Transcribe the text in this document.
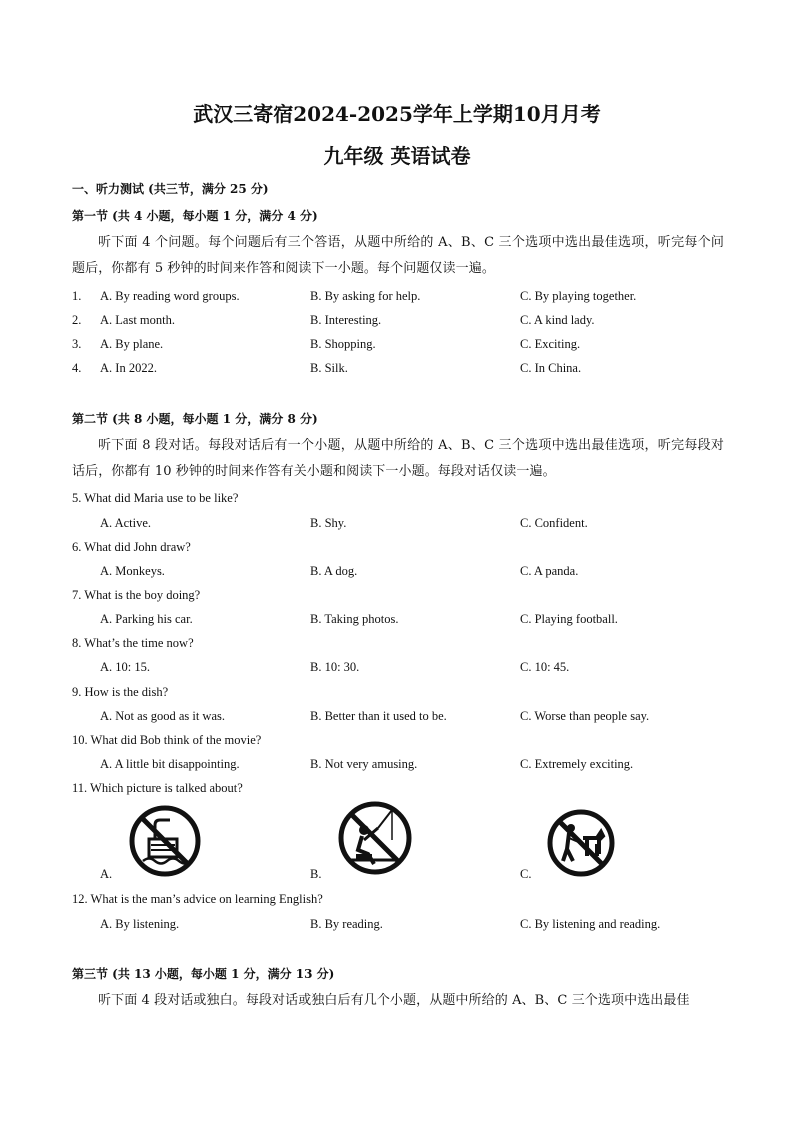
武汉三寄宿2024-2025学年上学期10月月考
九年级 英语试卷
一、听力测试 (共三节，满分 25 分)
第一节 (共 4 小题，每小题 1 分，满分 4 分)
听下面 4 个问题。每个问题后有三个答语，从题中所给的 A、B、C 三个选项中选出最佳选项，听完每个问题后，你都有 5 秒钟的时间来作答和阅读下一小题。每个问题仅读一遍。
1. A. By reading word groups.	B. By asking for help.	C. By playing together.
2. A. Last month.	B. Interesting.	C. A kind lady.
3. A. By plane.	B. Shopping.	C. Exciting.
4. A. In 2022.	B. Silk.	C. In China.
第二节 (共 8 小题，每小题 1 分，满分 8 分)
听下面 8 段对话。每段对话后有一个小题，从题中所给的 A、B、C 三个选项中选出最佳选项，听完每段对话后，你都有 10 秒钟的时间来作答有关小题和阅读下一小题。每段对话仅读一遍。
5. What did Maria use to be like?
A. Active.	B. Shy.	C. Confident.
6. What did John draw?
A. Monkeys.	B. A dog.	C. A panda.
7. What is the boy doing?
A. Parking his car.	B. Taking photos.	C. Playing football.
8. What’s the time now?
A. 10: 15.	B. 10: 30.	C. 10: 45.
9. How is the dish?
A. Not as good as it was.	B. Better than it used to be.	C. Worse than people say.
10. What did Bob think of the movie?
A. A little bit disappointing.	B. Not very amusing.	C. Extremely exciting.
11. Which picture is talked about?
A.	B.	C.
12. What is the man’s advice on learning English?
A. By listening.	B. By reading.	C. By listening and reading.
第三节 (共 13 小题，每小题 1 分，满分 13 分)
听下面 4 段对话或独白。每段对话或独白后有几个小题，从题中所给的 A、B、C 三个选项中选出最佳
